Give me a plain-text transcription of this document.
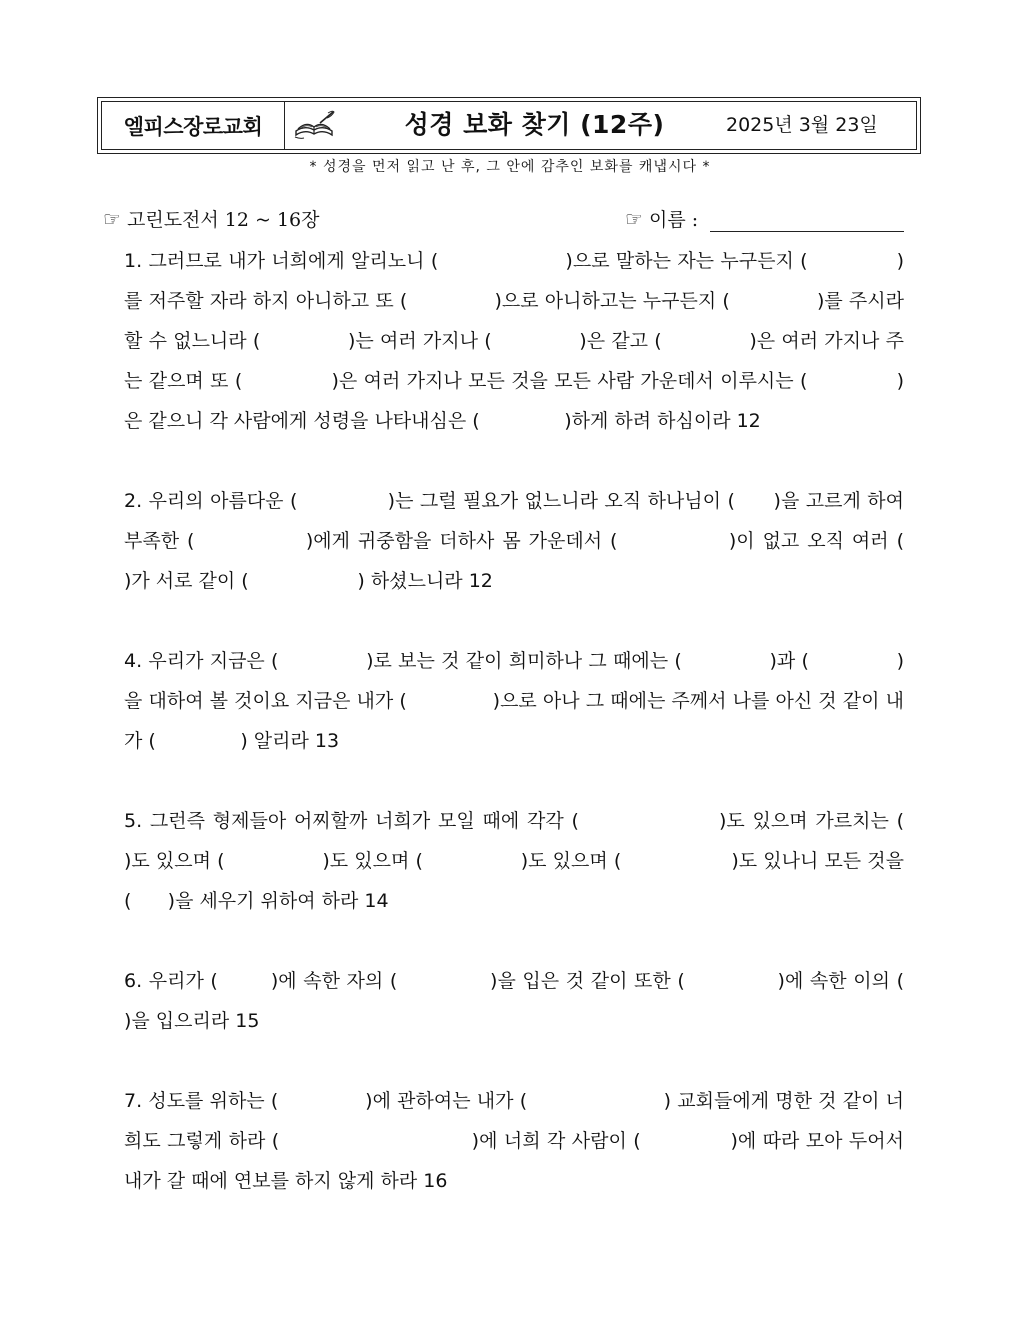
엘피스장로교회	성경 보화 찾기 (12주)	2025년 3월 23일
* 성경을 먼저 읽고 난 후, 그 안에 감추인 보화를 캐냅시다 *
☞ 고린도전서 12 ~ 16장	☞ 이름 :

1. 그러므로 내가 너희에게 알리노니 (                    )으로 말하는 자는 누구든지 (              )를 저주할 자라 하지 아니하고 또 (              )으로 아니하고는 누구든지 (              )를 주시라 할 수 없느니라 (              )는 여러 가지나 (              )은 같고 (              )은 여러 가지나 주는 같으며 또 (              )은 여러 가지나 모든 것을 모든 사람 가운데서 이루시는 (              )은 같으니 각 사람에게 성령을 나타내심은 (              )하게 하려 하심이라 12

2. 우리의 아름다운 (              )는 그럴 필요가 없느니라 오직 하나님이 (      )을 고르게 하여 부족한 (              )에게 귀중함을 더하사 몸 가운데서 (              )이 없고 오직 여러 (              )가 서로 같이 (                  ) 하셨느니라 12

4. 우리가 지금은 (              )로 보는 것 같이 희미하나 그 때에는 (              )과 (              )을 대하여 볼 것이요 지금은 내가 (              )으로 아나 그 때에는 주께서 나를 아신 것 같이 내가 (              ) 알리라 13

5. 그런즉 형제들아 어찌할까 너희가 모일 때에 각각 (                  )도 있으며 가르치는 (                )도 있으며 (                )도 있으며 (                )도 있으며 (                  )도 있나니 모든 것을 (      )을 세우기 위하여 하라 14

6. 우리가 (        )에 속한 자의 (              )을 입은 것 같이 또한 (              )에 속한 이의 (              )을 입으리라 15

7. 성도를 위하는 (              )에 관하여는 내가 (                      ) 교회들에게 명한 것 같이 너희도 그렇게 하라 (                              )에 너희 각 사람이 (              )에 따라 모아 두어서 내가 갈 때에 연보를 하지 않게 하라 16
